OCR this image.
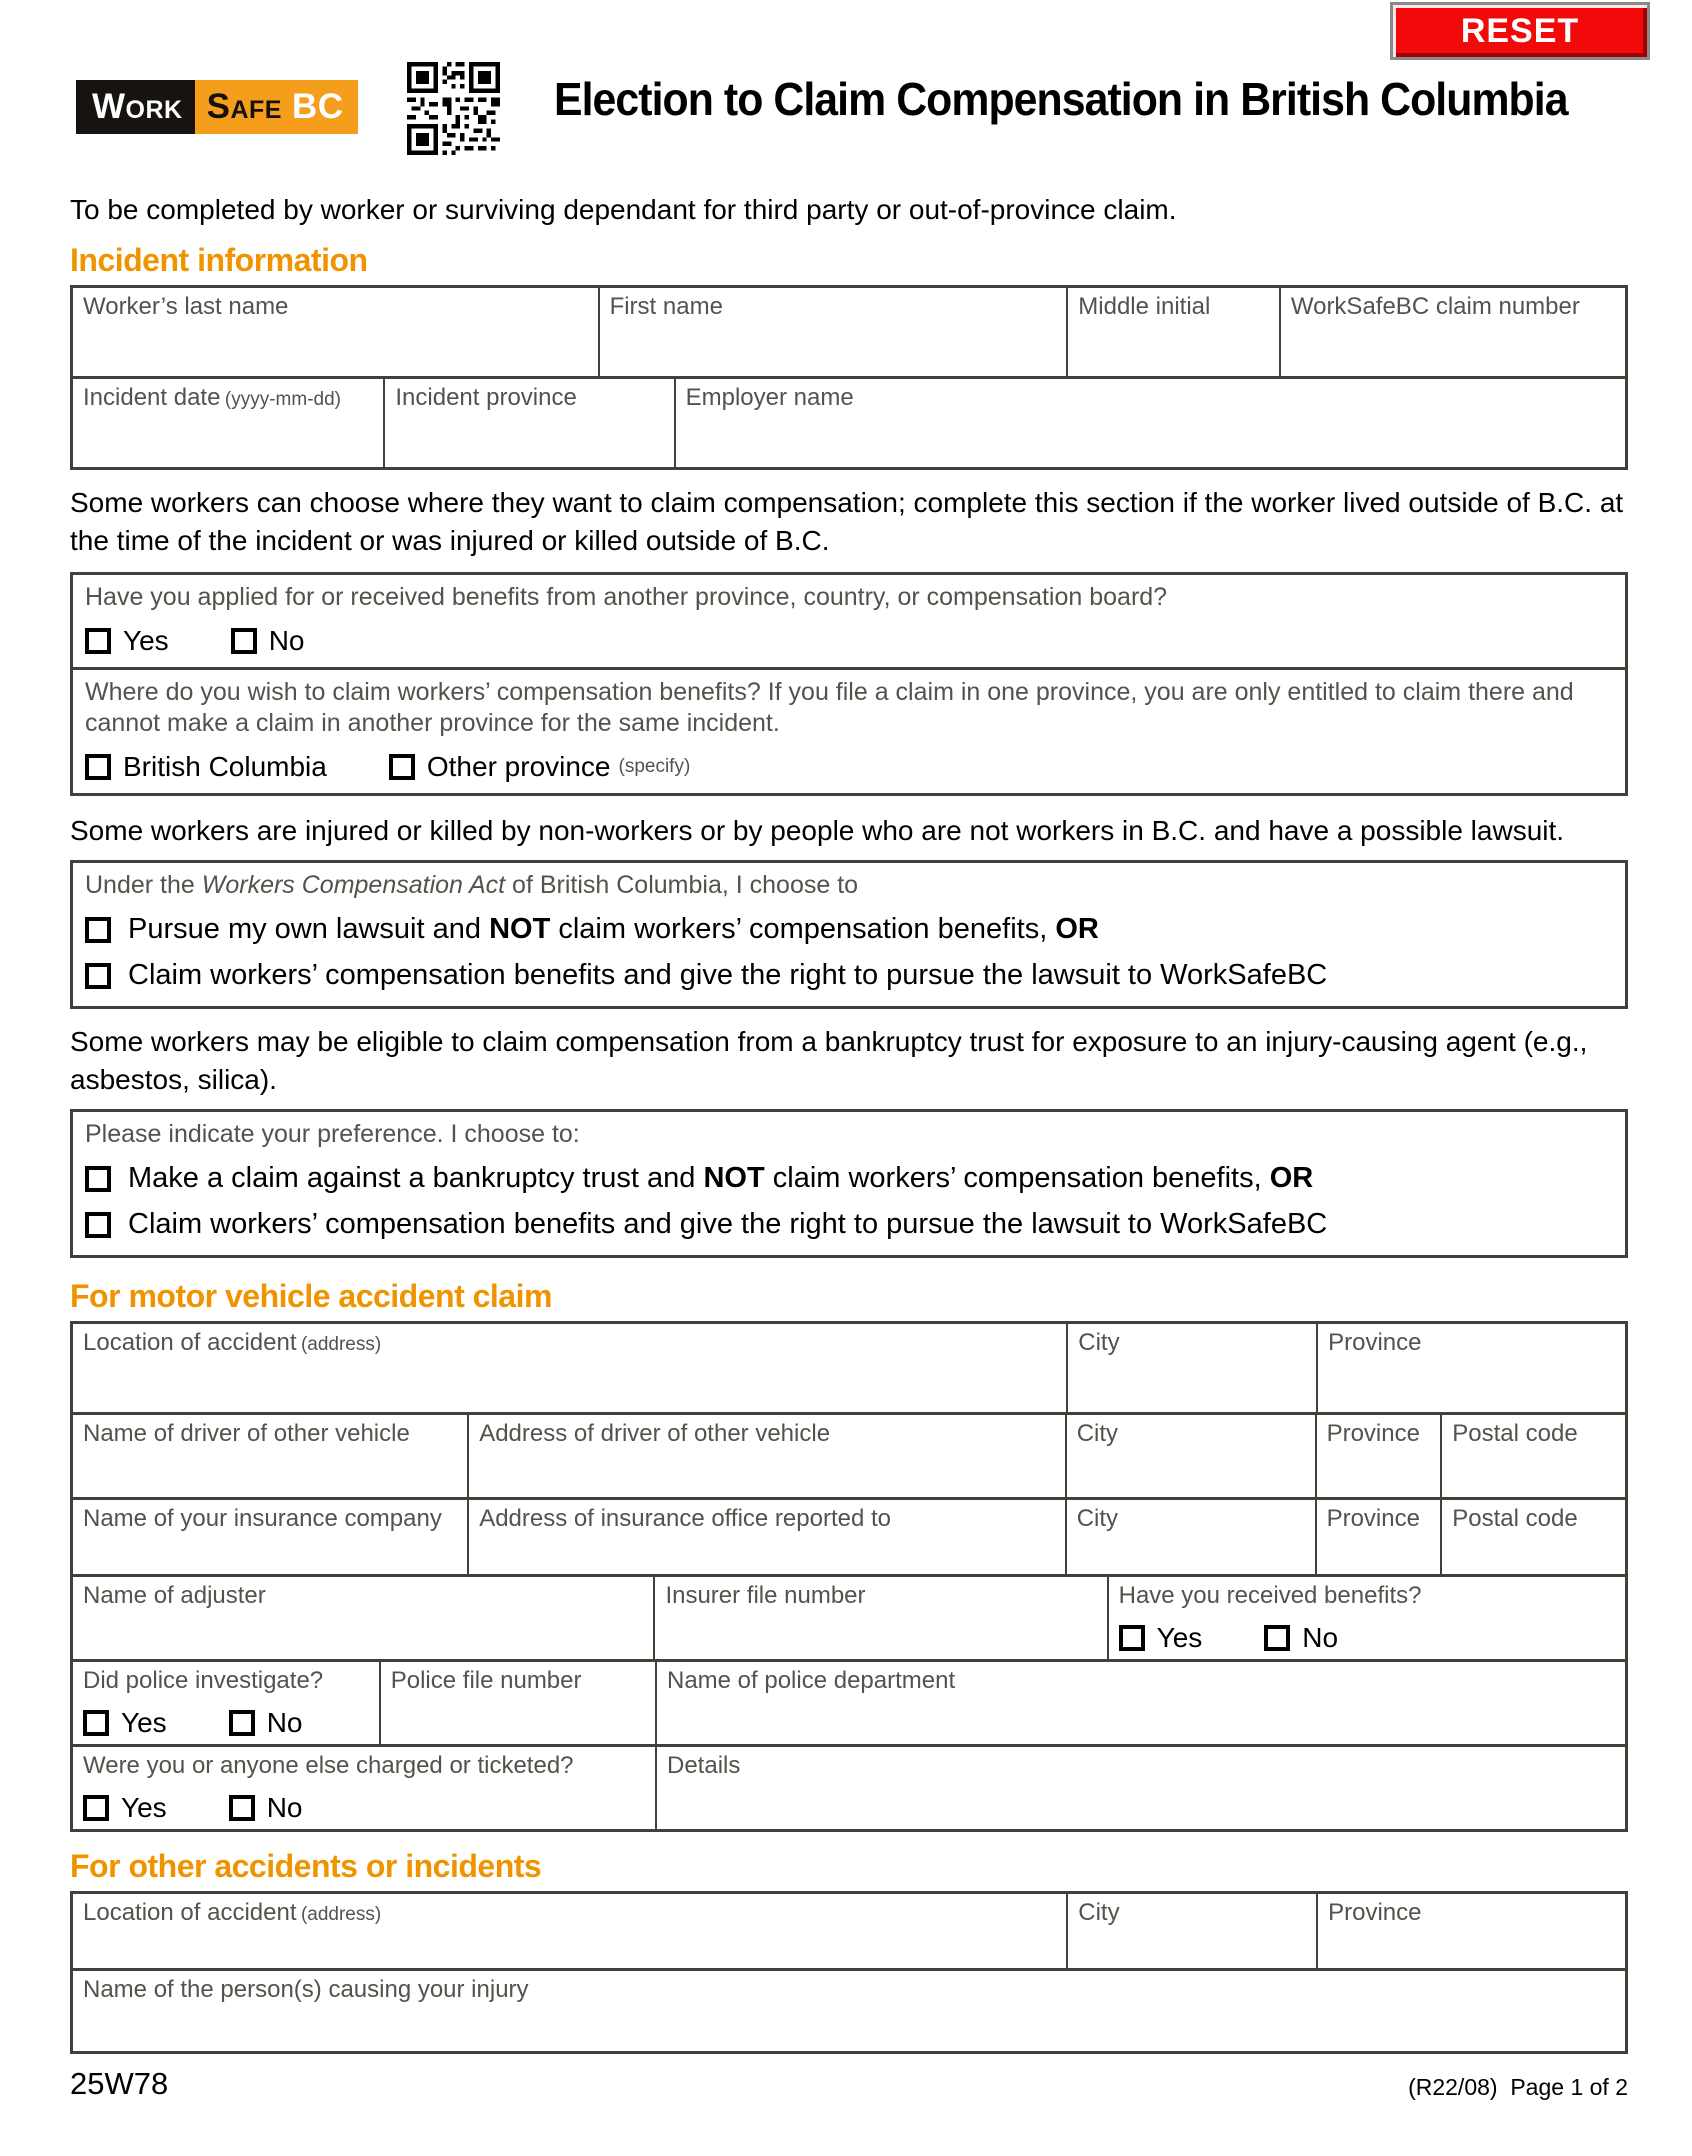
RESET
Work Safe BC	Election to Claim Compensation in British Columbia
To be completed by worker or surviving dependant for third party or out-of-province claim.
Incident information
Worker’s last name	First name	Middle initial	WorkSafeBC claim number
Incident date (yyyy-mm-dd)	Incident province	Employer name
Some workers can choose where they want to claim compensation; complete this section if the worker lived outside of B.C. at the time of the incident or was injured or killed outside of B.C.
Have you applied for or received benefits from another province, country, or compensation board?
Yes	No
Where do you wish to claim workers’ compensation benefits? If you file a claim in one province, you are only entitled to claim there and cannot make a claim in another province for the same incident.
British Columbia	Other province (specify)
Some workers are injured or killed by non-workers or by people who are not workers in B.C. and have a possible lawsuit.
Under the Workers Compensation Act of British Columbia, I choose to
Pursue my own lawsuit and NOT claim workers’ compensation benefits, OR
Claim workers’ compensation benefits and give the right to pursue the lawsuit to WorkSafeBC
Some workers may be eligible to claim compensation from a bankruptcy trust for exposure to an injury-causing agent (e.g., asbestos, silica).
Please indicate your preference. I choose to:
Make a claim against a bankruptcy trust and NOT claim workers’ compensation benefits, OR
Claim workers’ compensation benefits and give the right to pursue the lawsuit to WorkSafeBC
For motor vehicle accident claim
Location of accident (address)	City	Province
Name of driver of other vehicle	Address of driver of other vehicle	City	Province	Postal code
Name of your insurance company	Address of insurance office reported to	City	Province	Postal code
Name of adjuster	Insurer file number	Have you received benefits?
Yes	No
Did police investigate?
Yes	No
Police file number	Name of police department
Were you or anyone else charged or ticketed?
Yes	No
Details
For other accidents or incidents
Location of accident (address)	City	Province
Name of the person(s) causing your injury
25W78	(R22/08)  Page 1 of 2
